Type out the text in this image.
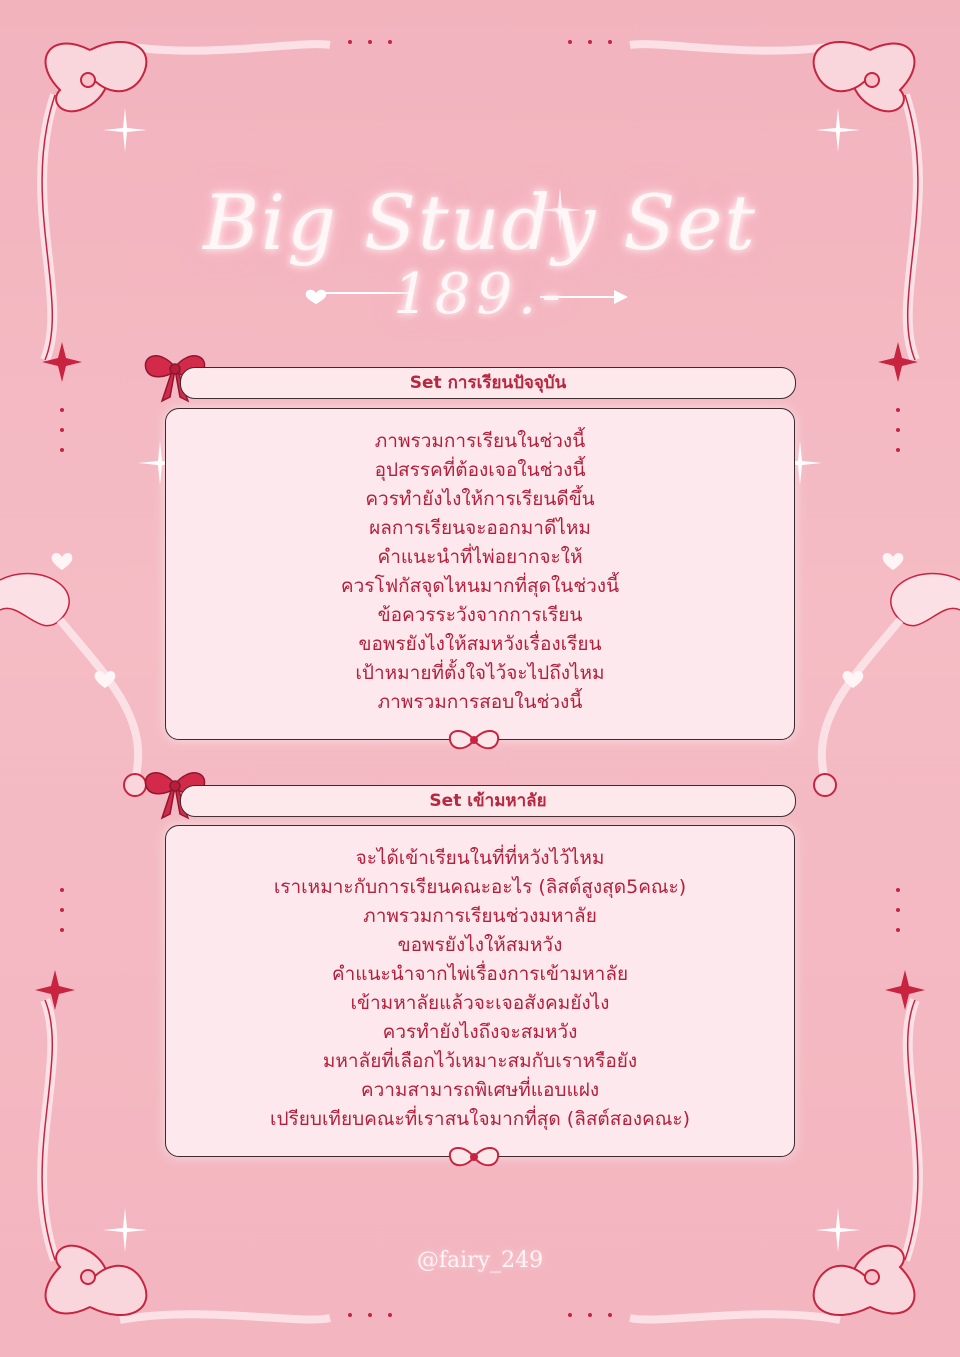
Big Study Set
189.-
Set การเรียนปัจจุบัน
ภาพรวมการเรียนในช่วงนี้
อุปสรรคที่ต้องเจอในช่วงนี้
ควรทำยังไงให้การเรียนดีขึ้น
ผลการเรียนจะออกมาดีไหม
คำแนะนำที่ไพ่อยากจะให้
ควรโฟกัสจุดไหนมากที่สุดในช่วงนี้
ข้อควรระวังจากการเรียน
ขอพรยังไงให้สมหวังเรื่องเรียน
เป้าหมายที่ตั้งใจไว้จะไปถึงไหม
ภาพรวมการสอบในช่วงนี้
Set เข้ามหาลัย
จะได้เข้าเรียนในที่ที่หวังไว้ไหม
เราเหมาะกับการเรียนคณะอะไร (ลิสต์สูงสุด5คณะ)
ภาพรวมการเรียนช่วงมหาลัย
ขอพรยังไงให้สมหวัง
คำแนะนำจากไพ่เรื่องการเข้ามหาลัย
เข้ามหาลัยแล้วจะเจอสังคมยังไง
ควรทำยังไงถึงจะสมหวัง
มหาลัยที่เลือกไว้เหมาะสมกับเราหรือยัง
ความสามารถพิเศษที่แอบแฝง
เปรียบเทียบคณะที่เราสนใจมากที่สุด (ลิสต์สองคณะ)
@fairy_249
